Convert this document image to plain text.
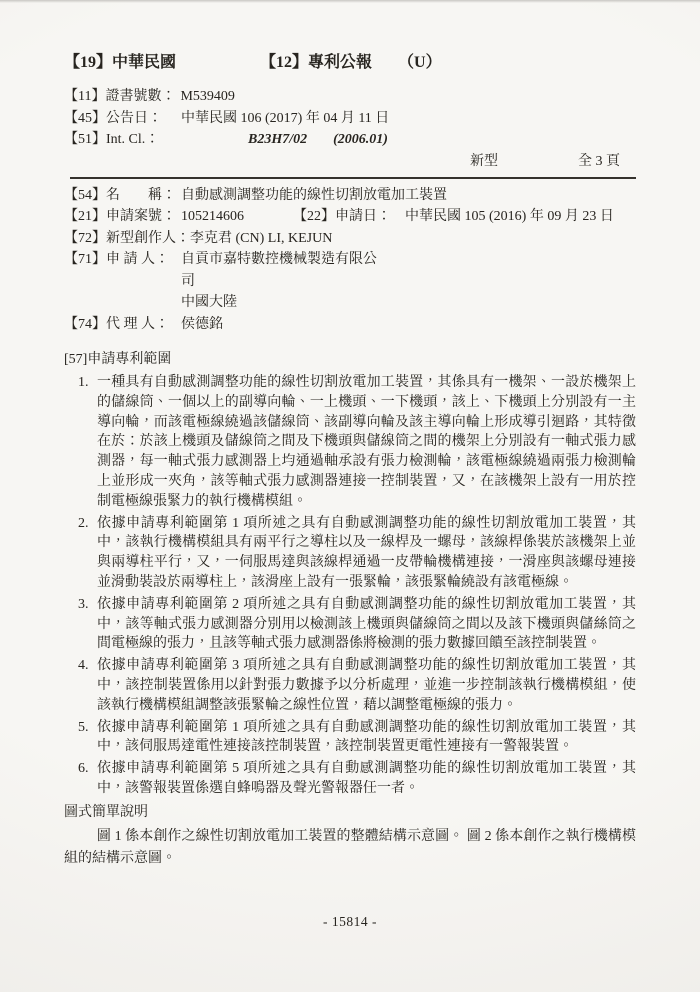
【19】中華民國	【12】專利公報 （U）
【11】 證書號數： M539409
【45】 公告日：	中華民國 106 (2017) 年 04 月 11 日
【51】 Int. Cl.：	B23H7/02 (2006.01)
新型	全 3 頁
【54】 名　　稱： 自動感測調整功能的線性切割放電加工裝置
【21】 申請案號： 105214606	【22】 申請日：	中華民國 105 (2016) 年 09 月 23 日
【72】 新型創作人： 李克君 (CN) LI, KEJUN
【71】 申 請 人： 自貢市嘉特數控機械製造有限公
司
中國大陸
【74】 代 理 人： 侯德銘
[57]申請專利範圍
1. 一種具有自動感測調整功能的線性切割放電加工裝置，其係具有一機架、一設於機架上的儲線筒、一個以上的副導向輪、一上機頭、一下機頭，該上、下機頭上分別設有一主導向輪，而該電極線繞過該儲線筒、該副導向輪及該主導向輪上形成導引迴路，其特徵在於：於該上機頭及儲線筒之間及下機頭與儲線筒之間的機架上分別設有一軸式張力感測器，每一軸式張力感測器上均通過軸承設有張力檢測輪，該電極線繞過兩張力檢測輪上並形成一夾角，該等軸式張力感測器連接一控制裝置，又，在該機架上設有一用於控制電極線張緊力的執行機構模組。
2. 依據申請專利範圍第 1 項所述之具有自動感測調整功能的線性切割放電加工裝置，其中，該執行機構模組具有兩平行之導柱以及一線桿及一螺母，該線桿係裝於該機架上並與兩導柱平行，又，一伺服馬達與該線桿通過一皮帶輪機構連接，一滑座與該螺母連接並滑動裝設於兩導柱上，該滑座上設有一張緊輪，該張緊輪繞設有該電極線。
3. 依據申請專利範圍第 2 項所述之具有自動感測調整功能的線性切割放電加工裝置，其中，該等軸式張力感測器分別用以檢測該上機頭與儲線筒之間以及該下機頭與儲絲筒之間電極線的張力，且該等軸式張力感測器係將檢測的張力數據回饋至該控制裝置。
4. 依據申請專利範圍第 3 項所述之具有自動感測調整功能的線性切割放電加工裝置，其中，該控制裝置係用以針對張力數據予以分析處理，並進一步控制該執行機構模組，使該執行機構模組調整該張緊輪之線性位置，藉以調整電極線的張力。
5. 依據申請專利範圍第 1 項所述之具有自動感測調整功能的線性切割放電加工裝置，其中，該伺服馬達電性連接該控制裝置，該控制裝置更電性連接有一警報裝置。
6. 依據申請專利範圍第 5 項所述之具有自動感測調整功能的線性切割放電加工裝置，其中，該警報裝置係選自蜂鳴器及聲光警報器任一者。
圖式簡單說明

圖 1 係本創作之線性切割放電加工裝置的整體結構示意圖。 圖 2 係本創作之執行機構模組的結構示意圖。

- 15814 -
